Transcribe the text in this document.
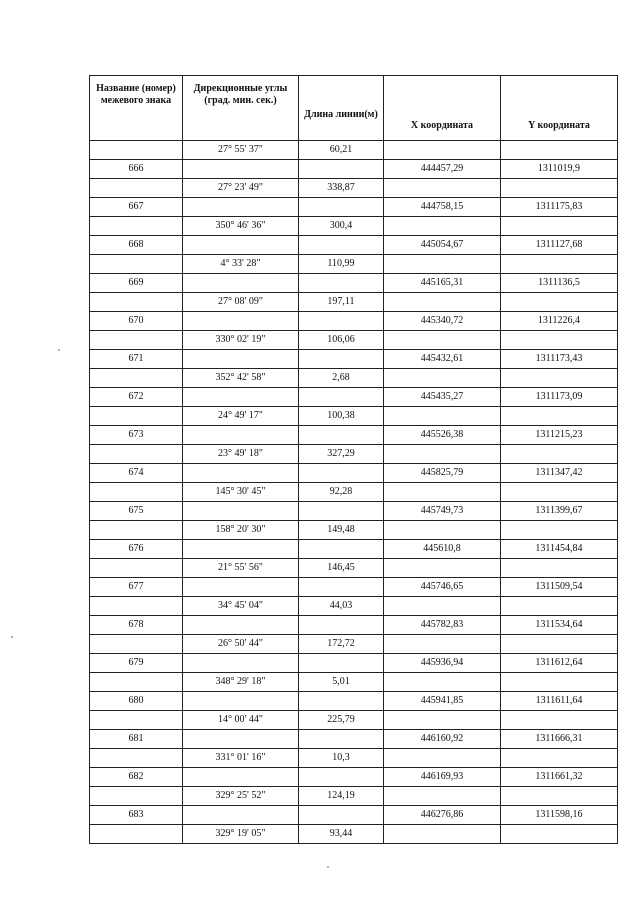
Название (номер) межевого знака	Дирекционные углы (град. мин. сек.)	Длина линии(м)	X координата	Y координата
	27° 55' 37"	60,21		
666			444457,29	1311019,9
	27° 23' 49"	338,87		
667			444758,15	1311175,83
	350° 46' 36"	300,4		
668			445054,67	1311127,68
	4° 33' 28"	110,99		
669			445165,31	1311136,5
	27° 08' 09"	197,11		
670			445340,72	1311226,4
	330° 02' 19"	106,06		
671			445432,61	1311173,43
	352° 42' 58"	2,68		
672			445435,27	1311173,09
	24° 49' 17"	100,38		
673			445526,38	1311215,23
	23° 49' 18"	327,29		
674			445825,79	1311347,42
	145° 30' 45"	92,28		
675			445749,73	1311399,67
	158° 20' 30"	149,48		
676			445610,8	1311454,84
	21° 55' 56"	146,45		
677			445746,65	1311509,54
	34° 45' 04"	44,03		
678			445782,83	1311534,64
	26° 50' 44"	172,72		
679			445936,94	1311612,64
	348° 29' 18"	5,01		
680			445941,85	1311611,64
	14° 00' 44"	225,79		
681			446160,92	1311666,31
	331° 01' 16"	10,3		
682			446169,93	1311661,32
	329° 25' 52"	124,19		
683			446276,86	1311598,16
	329° 19' 05"	93,44		
